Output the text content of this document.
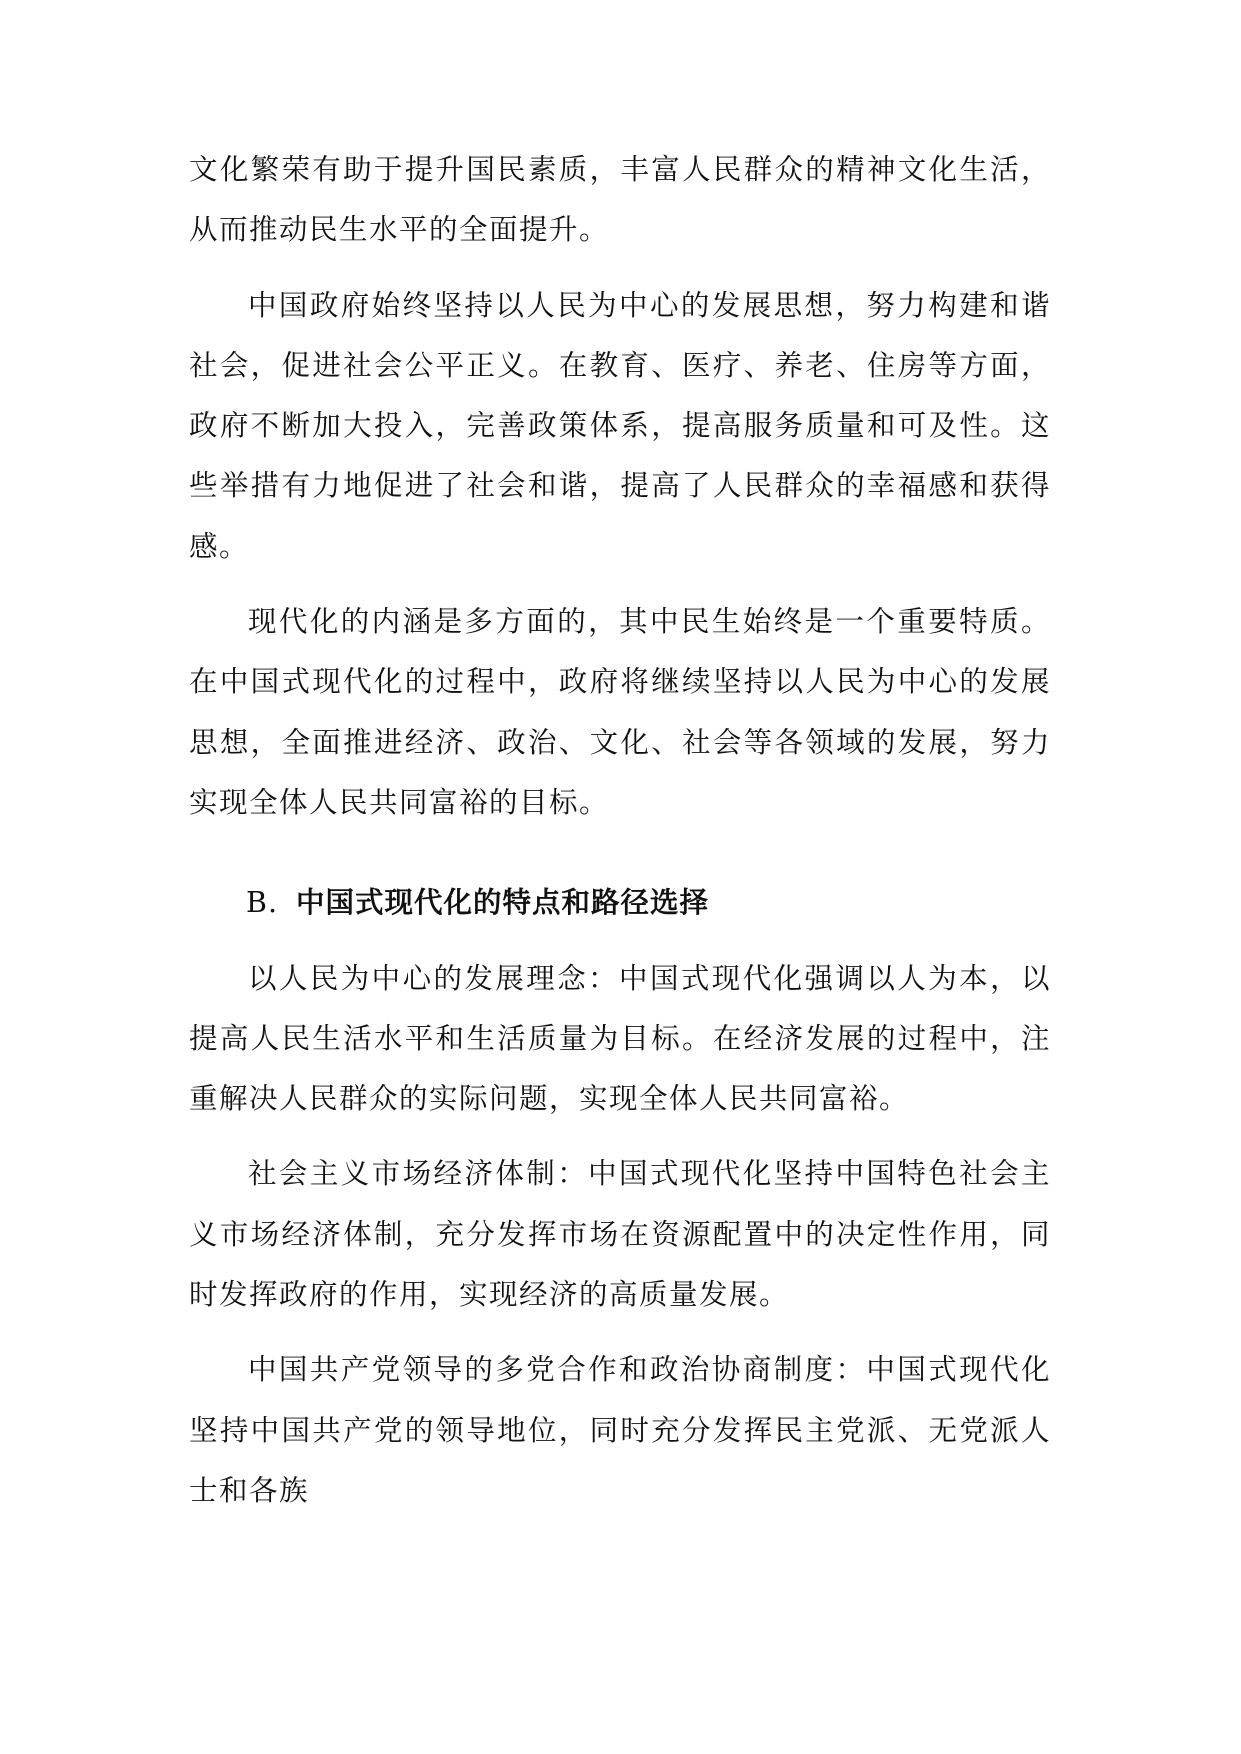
文化繁荣有助于提升国民素质，丰富人民群众的精神文化生活，从而推动民生水平的全面提升。

中国政府始终坚持以人民为中心的发展思想，努力构建和谐社会，促进社会公平正义。在教育、医疗、养老、住房等方面，政府不断加大投入，完善政策体系，提高服务质量和可及性。这些举措有力地促进了社会和谐，提高了人民群众的幸福感和获得感。

现代化的内涵是多方面的，其中民生始终是一个重要特质。在中国式现代化的过程中，政府将继续坚持以人民为中心的发展思想，全面推进经济、政治、文化、社会等各领域的发展，努力实现全体人民共同富裕的目标。

B. 中国式现代化的特点和路径选择

以人民为中心的发展理念：中国式现代化强调以人为本，以提高人民生活水平和生活质量为目标。在经济发展的过程中，注重解决人民群众的实际问题，实现全体人民共同富裕。

社会主义市场经济体制：中国式现代化坚持中国特色社会主义市场经济体制，充分发挥市场在资源配置中的决定性作用，同时发挥政府的作用，实现经济的高质量发展。

中国共产党领导的多党合作和政治协商制度：中国式现代化坚持中国共产党的领导地位，同时充分发挥民主党派、无党派人士和各族
